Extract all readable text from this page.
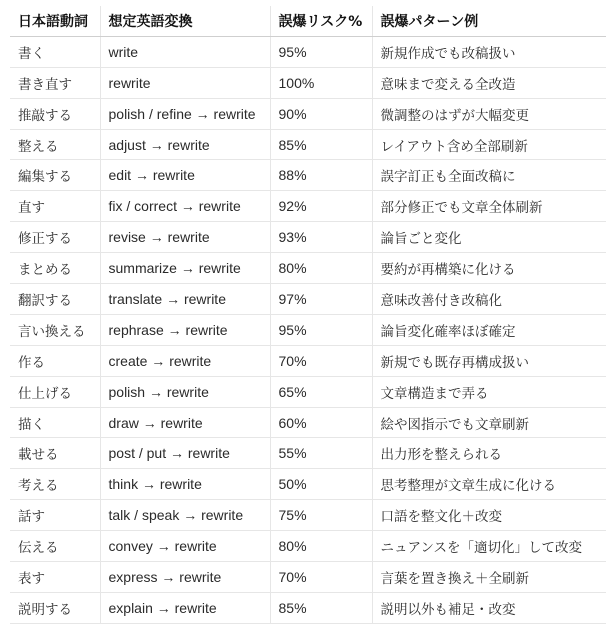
日本語動詞	想定英語変換	誤爆リスク%	誤爆パターン例
書く	write	95%	新規作成でも改稿扱い
書き直す	rewrite	100%	意味まで変える全改造
推敲する	polish / refine → rewrite	90%	微調整のはずが大幅変更
整える	adjust → rewrite	85%	レイアウト含め全部刷新
編集する	edit → rewrite	88%	誤字訂正も全面改稿に
直す	fix / correct → rewrite	92%	部分修正でも文章全体刷新
修正する	revise → rewrite	93%	論旨ごと変化
まとめる	summarize → rewrite	80%	要約が再構築に化ける
翻訳する	translate → rewrite	97%	意味改善付き改稿化
言い換える	rephrase → rewrite	95%	論旨変化確率ほぼ確定
作る	create → rewrite	70%	新規でも既存再構成扱い
仕上げる	polish → rewrite	65%	文章構造まで弄る
描く	draw → rewrite	60%	絵や図指示でも文章刷新
載せる	post / put → rewrite	55%	出力形を整えられる
考える	think → rewrite	50%	思考整理が文章生成に化ける
話す	talk / speak → rewrite	75%	口語を整文化＋改変
伝える	convey → rewrite	80%	ニュアンスを「適切化」して改変
表す	express → rewrite	70%	言葉を置き換え＋全刷新
説明する	explain → rewrite	85%	説明以外も補足・改変
